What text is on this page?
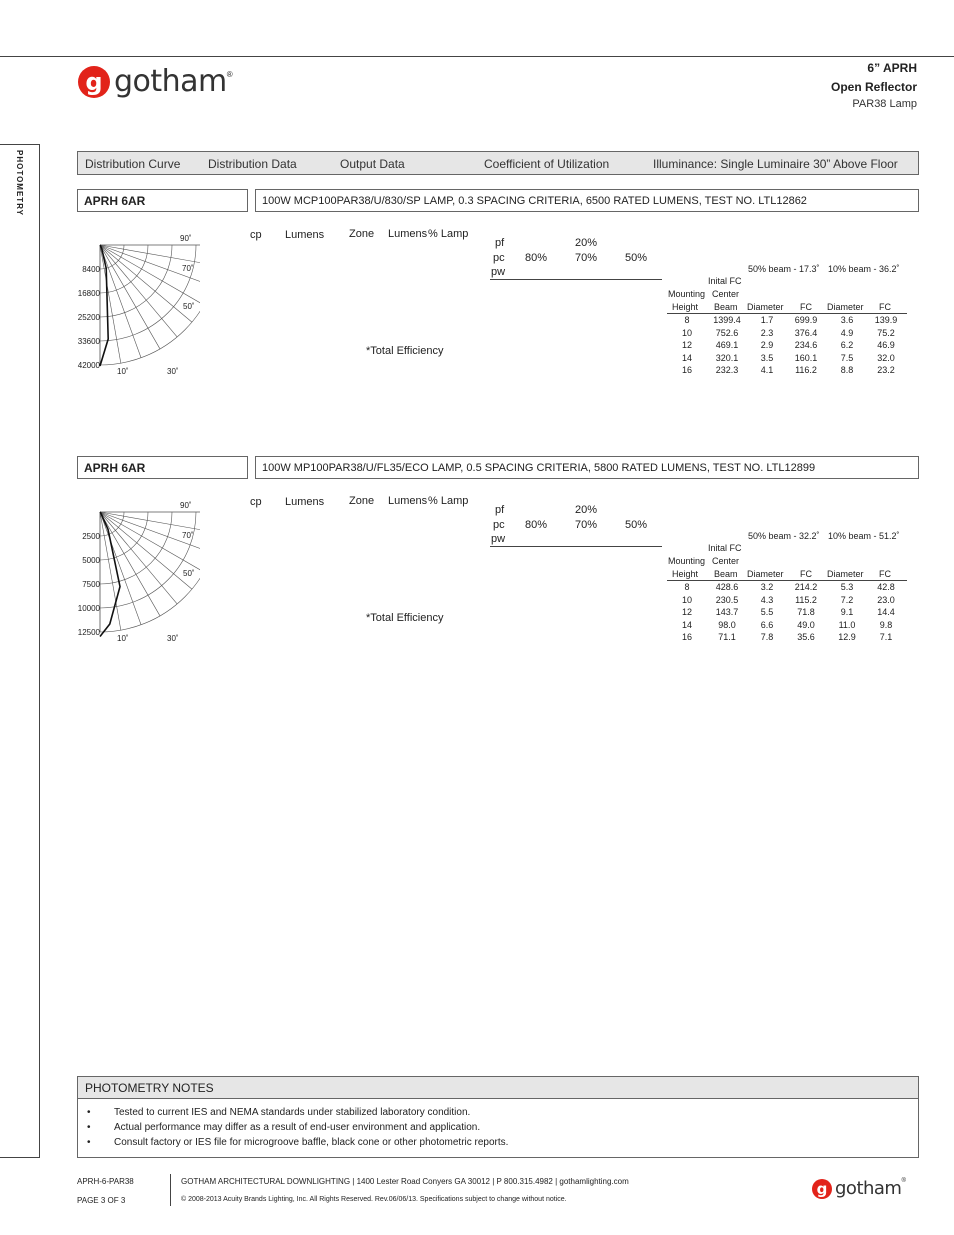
g gotham ®	6” APRH
Open Reflector
PAR38 Lamp
PHOTOMETRY	Distribution Curve Distribution Data	Output Data	Coefficient of Utilization	Illuminance: Single Luminaire 30” Above Floor
APRH 6AR	100W MCP100PAR38/U/830/SP LAMP, 0.3 SPACING CRITERIA, 6500 RATED LUMENS, TEST NO. LTL12862
8400
16800
25200
33600
42000
90˚
70˚
50˚
10˚	30˚
cp Lumens Zone Lumens % Lamp
*Total Efficiency
pf	20%
pc 80%	70%	50%
pw	50% beam - 17.3˚ 10% beam - 36.2˚
Inital FC
Mounting Center
Height Beam Diameter FC Diameter FC
8	1399.4	1.7	699.9	3.6	139.9
10	752.6	2.3	376.4	4.9	75.2
12	469.1	2.9	234.6	6.2	46.9
14	320.1	3.5	160.1	7.5	32.0
16	232.3	4.1	116.2	8.8	23.2
APRH 6AR	100W MP100PAR38/U/FL35/ECO LAMP, 0.5 SPACING CRITERIA, 5800 RATED LUMENS, TEST NO. LTL12899
2500
5000
7500
10000
12500
90˚
70˚
50˚
10˚	30˚
cp Lumens Zone Lumens % Lamp
*Total Efficiency
pf	20%
pc 80%	70%	50%
pw	50% beam - 32.2˚ 10% beam - 51.2˚
Inital FC
Mounting Center
Height Beam Diameter FC Diameter FC
8	428.6	3.2	214.2	5.3	42.8
10	230.5	4.3	115.2	7.2	23.0
12	143.7	5.5	71.8	9.1	14.4
14	98.0	6.6	49.0	11.0	9.8
16	71.1	7.8	35.6	12.9	7.1
PHOTOMETRY NOTES
• Tested to current IES and NEMA standards under stabilized laboratory condition.
• Actual performance may differ as a result of end-user environment and application.
• Consult factory or IES file for microgroove baffle, black cone or other photometric reports.
APRH-6-PAR38
PAGE 3 OF 3
GOTHAM ARCHITECTURAL DOWNLIGHTING | 1400 Lester Road Conyers GA 30012 | P 800.315.4982 | gothamlighting.com
© 2008-2013 Acuity Brands Lighting, Inc. All Rights Reserved. Rev.06/06/13. Specifications subject to change without notice.
g gotham ®
